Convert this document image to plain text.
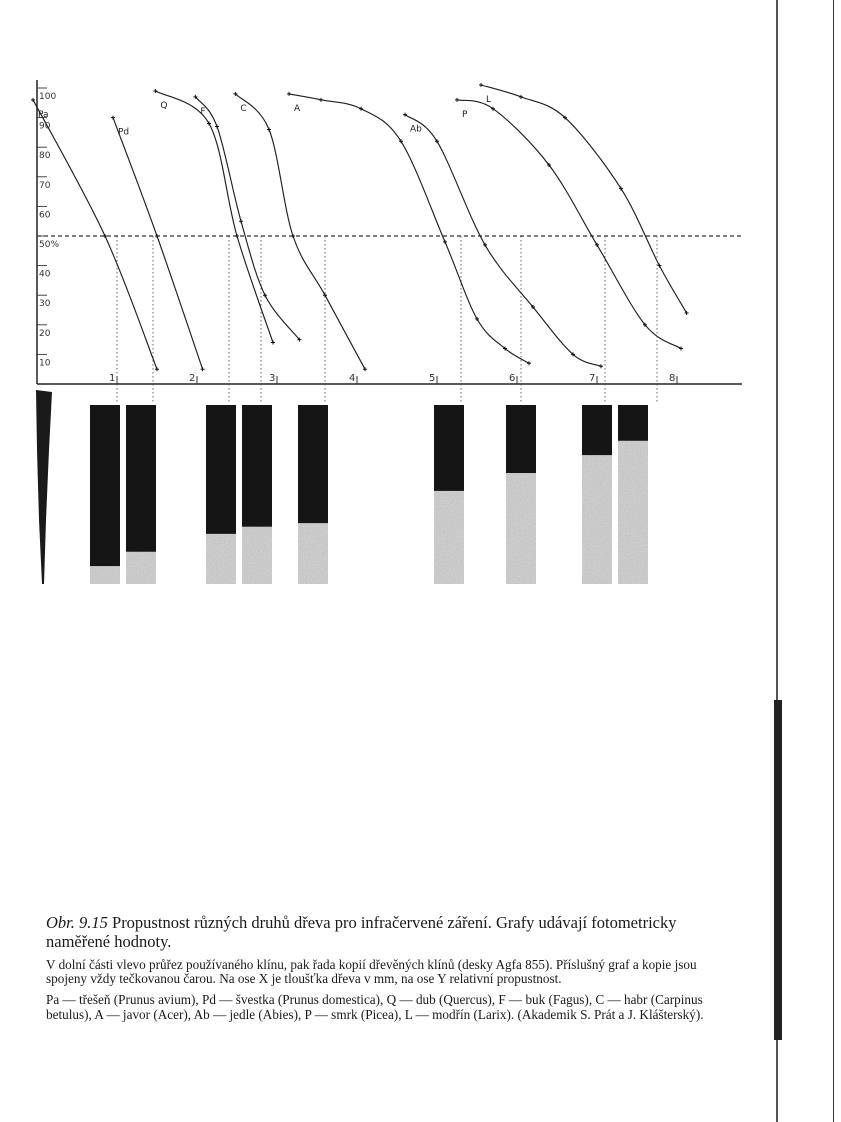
100
90
80
70
60
50%
40
30
20
10
1	2	3	4	5	6	7	8
Pa
Pd
Q
F	C	A
Ab
P
L

Obr. 9.15 Propustnost různých druhů dřeva pro infračervené záření. Grafy udávají fotometricky naměřené hodnoty.

V dolní části vlevo průřez používaného klínu, pak řada kopií dřevěných klínů (desky Agfa 855). Příslušný graf a kopie jsou spojeny vždy tečkovanou čarou. Na ose X je tloušťka dřeva v mm, na ose Y relativní propustnost.

Pa — třešeň (Prunus avium), Pd — švestka (Prunus domestica), Q — dub (Quercus), F — buk (Fagus), C — habr (Carpinus betulus), A — javor (Acer), Ab — jedle (Abies), P — smrk (Picea), L — modřín (Larix). (Akademik S. Prát a J. Klášterský).
